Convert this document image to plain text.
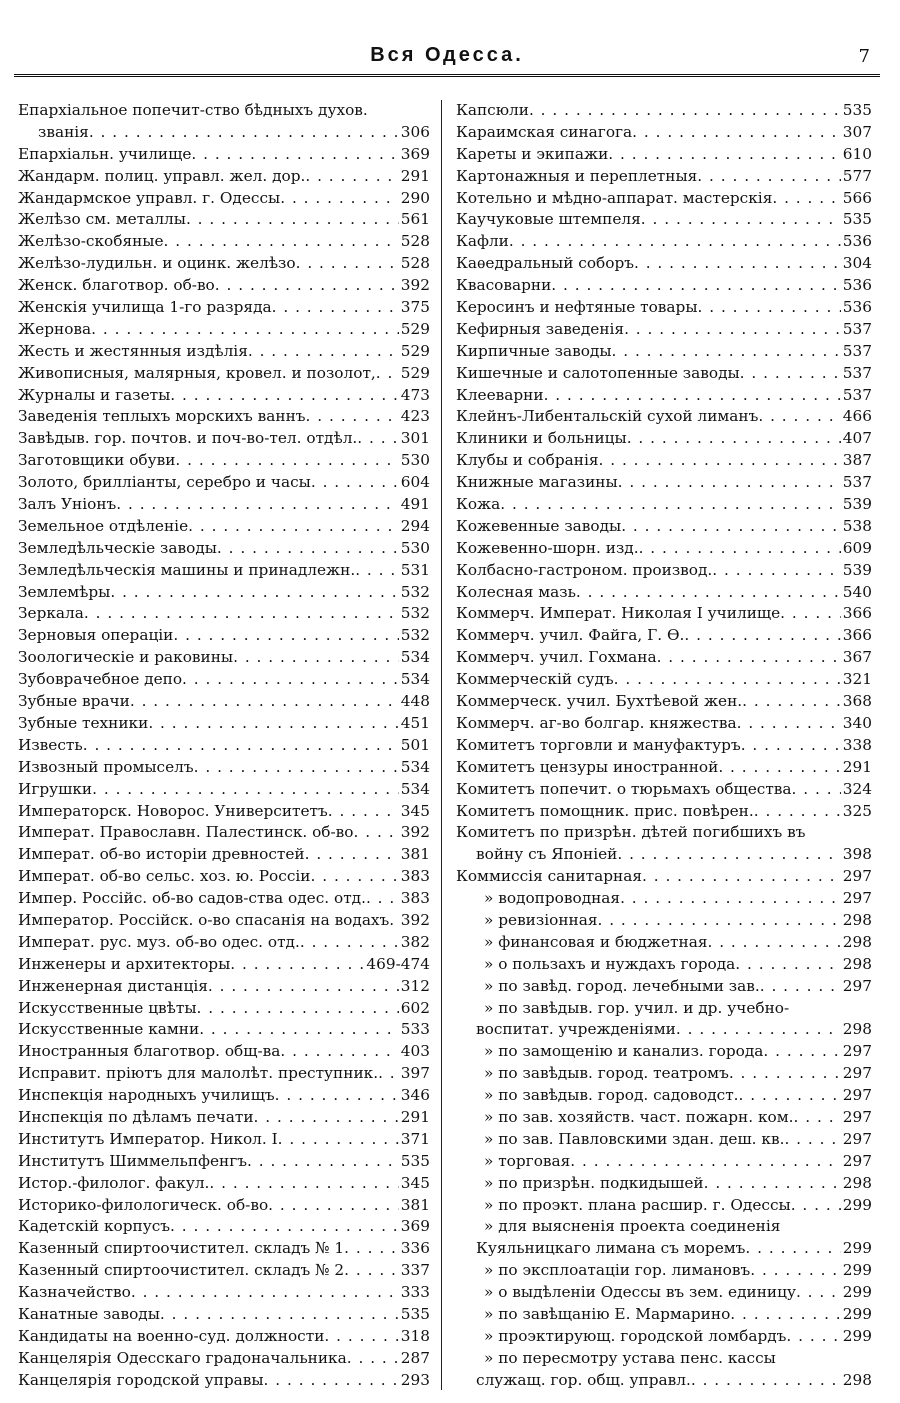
Вся Одесса.	7
Епархіальное попечит-ство бѣдныхъ духов.
званія . . .	306
Епархіальн. училище . . .	369
Жандарм. полиц. управл. жел. дор. . . .	291
Жандармское управл. г. Одессы . . .	290
Желѣзо см. металлы . . .	561
Желѣзо-скобяные . . .	528
Желѣзо-лудильн. и оцинк. желѣзо . . .	528
Женск. благотвор. об-во . . .	392
Женскія училища 1-го разряда . . .	375
Жернова . . .	529
Жесть и жестянныя издѣлія . . .	529
Живописныя, малярныя, кровел. и позолот, . . . 529
Журналы и газеты . . .	473
Заведенія теплыхъ морскихъ ваннъ . . .	423
Завѣдыв. гор. почтов. и поч-во-тел. отдѣл. . . .	301
Заготовщики обуви . . .	530
Золото, брилліанты, серебро и часы . . .	604
Залъ Уніонъ . . .	491
Земельное отдѣленіе . . .	294
Земледѣльческіе заводы . . .	530
Земледѣльческія машины и принадлежн. . . .	531
Землемѣры . . .	532
Зеркала . . .	532
Зерновыя операціи . . .	532
Зоологическіе и раковины . . .	534
Зубоврачебное депо . . .	534
Зубные врачи . . .	448
Зубные техники . . .	451
Известь . . .	501
Извозный промыселъ . . .	534
Игрушки . . .	534
Императорск. Новорос. Университетъ . . .	345
Императ. Православн. Палестинск. об-во . . .	392
Императ. об-во исторіи древностей . . .	381
Императ. об-во сельс. хоз. ю. Россіи . . .	383
Импер. Россійс. об-во садов-ства одес. отд. . . . 383
Император. Россійск. о-во спасанія на водахъ . . . 392
Императ. рус. муз. об-во одес. отд. . . .	382
Инженеры и архитекторы . . .	469-474
Инженерная дистанція . . .	312
Искусственные цвѣты . . .	602
Искусственные камни . . .	533
Иностранныя благотвор. общ-ва . . .	403
Исправит. пріютъ для малолѣт. преступник. . . . 397
Инспекція народныхъ училищъ . . .	346
Инспекція по дѣламъ печати . . .	291
Институтъ Император. Никол. I . . .	371
Институтъ Шиммельпфенгъ . . .	535
Истор.-филолог. факул. . . .	345
Историко-филологическ. об-во . . .	381
Кадетскій корпусъ . . .	369
Казенный спиртоочистител. складъ № 1 . . .	336
Казенный спиртоочистител. складъ № 2 . . .	337
Казначейство . . .	333
Канатные заводы . . .	535
Кандидаты на военно-суд. должности . . .	318
Канцелярія Одесскаго градоначальника . . .	287
Канцелярія городской управы . . .	293
Капсюли . . .	535
Караимская синагога . . .	307
Кареты и экипажи . . .	610
Картонажныя и переплетныя . . .	577
Котельно и мѣдно-аппарат. мастерскія . . .	566
Каучуковые штемпеля . . .	535
Кафли . . .	536
Каѳедральный соборъ . . .	304
Квасоварни . . .	536
Керосинъ и нефтяные товары . . .	536
Кефирныя заведенія . . .	537
Кирпичные заводы . . .	537
Кишечные и салотопенные заводы . . .	537
Клееварни . . .	537
Клейнъ-Либентальскій сухой лиманъ . . .	466
Клиники и больницы . . .	407
Клубы и собранія . . .	387
Книжные магазины . . .	537
Кожа . . .	539
Кожевенные заводы . . .	538
Кожевенно-шорн. изд. . . .	609
Колбасно-гастроном. производ. . . .	539
Колесная мазь . . .	540
Коммерч. Императ. Николая I училище . . .	366
Коммерч. учил. Файга, Г. Ѳ. . . .	366
Коммерч. учил. Гохмана . . .	367
Коммерческій судъ . . .	321
Коммерческ. учил. Бухтѣевой жен. . . .	368
Коммерч. аг-во болгар. княжества . . .	340
Комитетъ торговли и мануфактуръ . . .	338
Комитетъ цензуры иностранной . . .	291
Комитетъ попечит. о тюрьмахъ общества . . .	324
Комитетъ помощник. прис. повѣрен. . . .	325
Комитетъ по призрѣн. дѣтей погибшихъ въ
войну съ Японіей . . .	398
Коммиссія санитарная . . .	297
» водопроводная . . .	297
» ревизіонная . . .	298
» финансовая и бюджетная . . .	298
» о пользахъ и нуждахъ города . . .	298
» по завѣд. город. лечебными зав. . . .	297
» по завѣдыв. гор. учил. и др. учебно-
воспитат. учрежденіями . . .	298
» по замощенію и канализ. города . . .	297
» по завѣдыв. город. театромъ . . .	297
» по завѣдыв. город. садоводст. . . .	297
» по зав. хозяйств. част. пожарн. ком. . . .	297
» по зав. Павловскими здан. деш. кв. . . .	297
» торговая . . .	297
» по призрѣн. подкидышей . . .	298
» по проэкт. плана расшир. г. Одессы . . .	299
» для выясненія проекта соединенія
Куяльницкаго лимана съ моремъ . . .	299
» по эксплоатаціи гор. лимановъ . . .	299
» о выдѣленіи Одессы въ зем. единицу . . .	299
» по завѣщанію Е. Мармарино . . .	299
» проэктирующ. городской ломбардъ . . .	299
» по пересмотру устава пенс. кассы
служащ. гор. общ. управл. . . .	298
